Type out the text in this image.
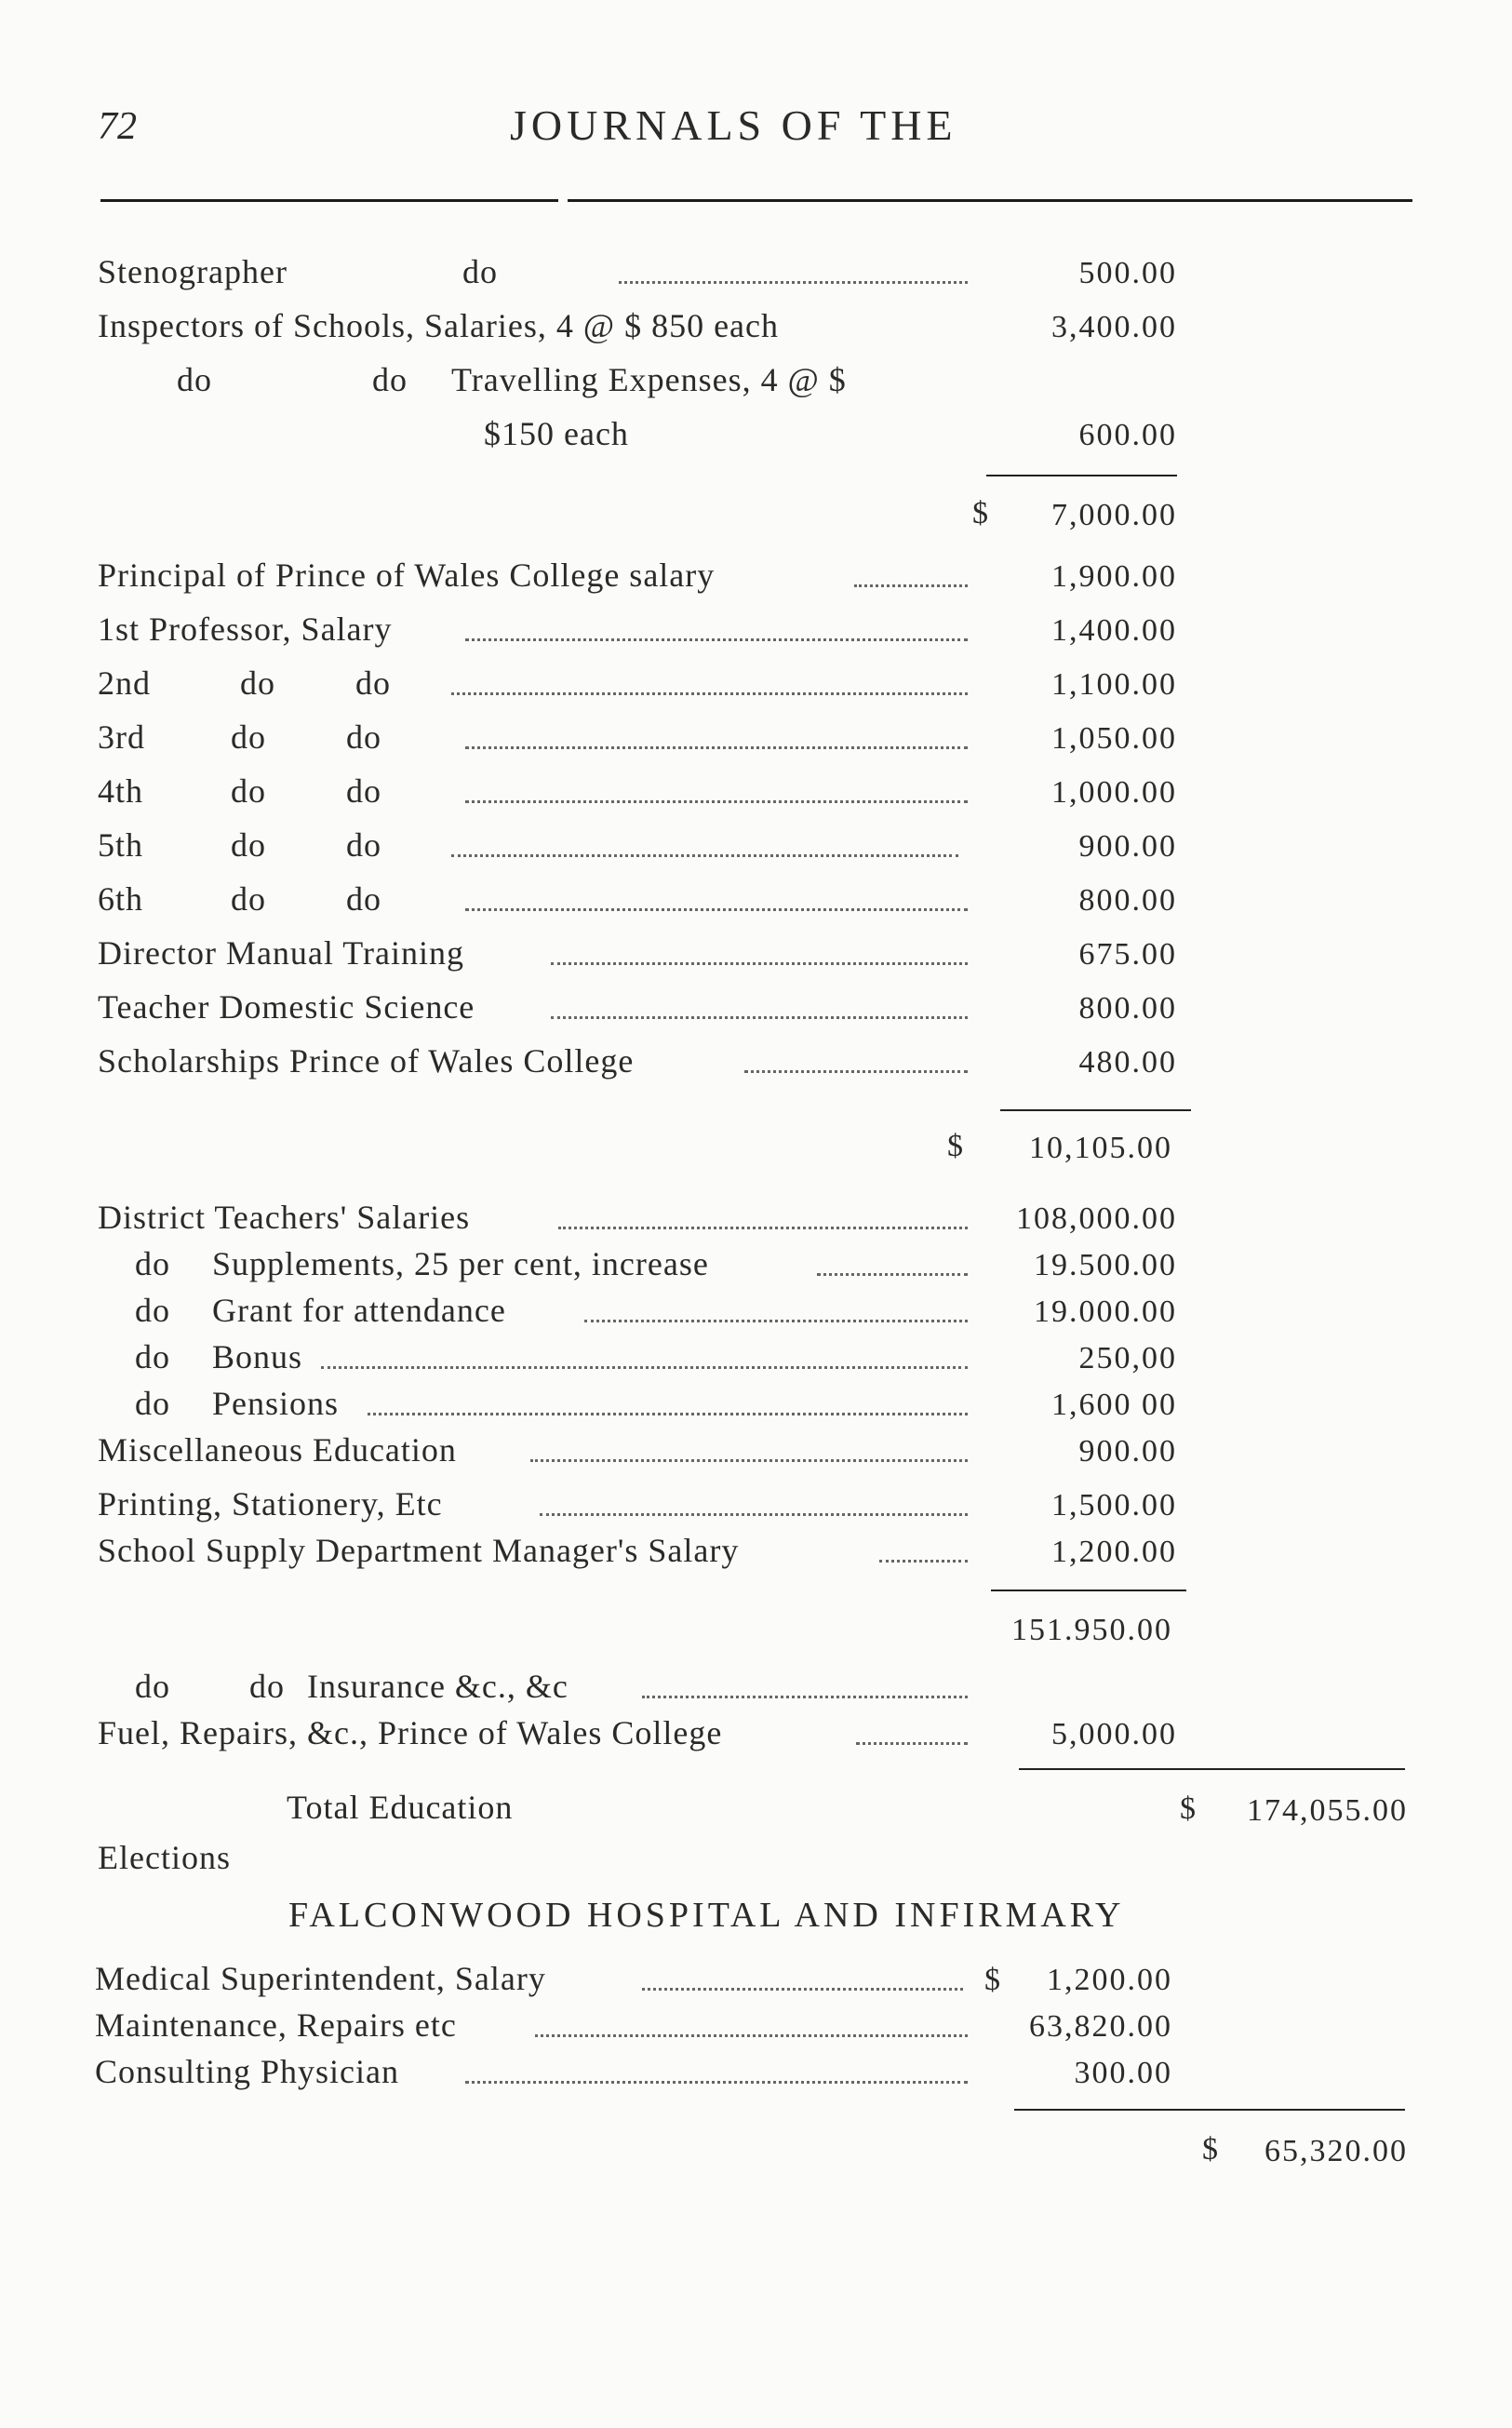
72	JOURNALS OF THE
Stenographer	do	500.00
Inspectors of Schools, Salaries, 4 @ $ 850 each	3,400.00
do	do Travelling Expenses, 4 @ $
$150 each	600.00
$ 7,000.00
Principal of Prince of Wales College salary	1,900.00
1st Professor, Salary	1,400.00
2nd	do do	1,100.00
3rd	do do	1,050.00
4th	do do	1,000.00
5th	do do	900.00
6th	do do	800.00
Director Manual Training	675.00
Teacher Domestic Science	800.00
Scholarships Prince of Wales College	480.00
$ 10,105.00
District Teachers' Salaries	108,000.00
do Supplements, 25 per cent, increase	19.500.00
do Grant for attendance	19.000.00
do Bonus	250,00
do Pensions	1,600 00
Miscellaneous Education	900.00
Printing, Stationery, Etc	1,500.00
School Supply Department Manager's Salary	1,200.00
151.950.00
do do Insurance &c., &c
Fuel, Repairs, &c., Prince of Wales College	5,000.00
Total Education	$ 174,055.00
Elections
FALCONWOOD HOSPITAL AND INFIRMARY
Medical Superintendent, Salary	$ 1,200.00
Maintenance, Repairs etc	63,820.00
Consulting Physician	300.00
$ 65,320.00
